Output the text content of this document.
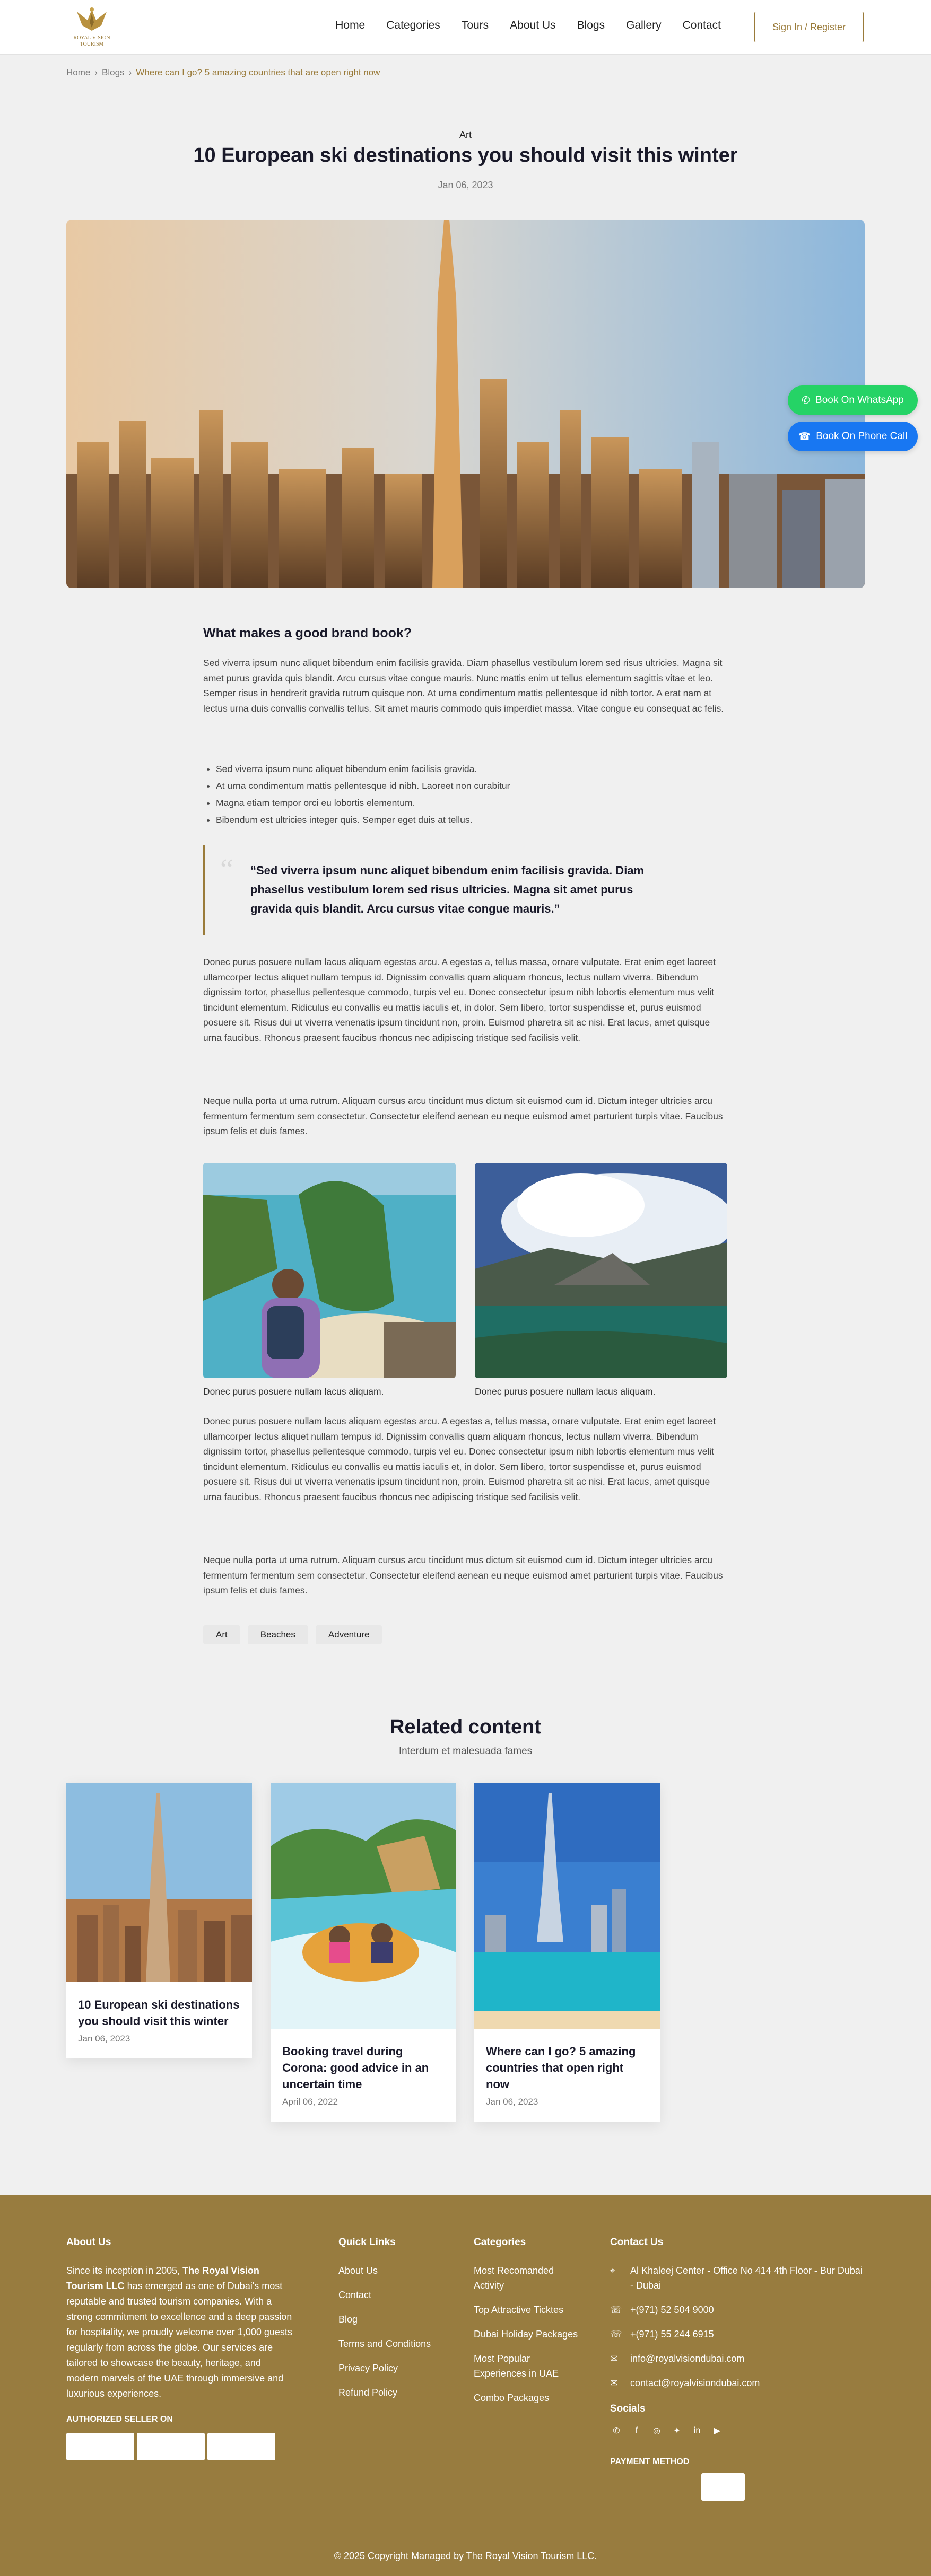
ROYAL VISION TOURISM
Home Categories Tours About Us Blogs Gallery Contact	Sign In / Register
Home › Blogs › Where can I go? 5 amazing countries that are open right now
Art
10 European ski destinations you should visit this winter
Jan 06, 2023
✆ Book On WhatsApp
☎ Book On Phone Call
What makes a good brand book?
Sed viverra ipsum nunc aliquet bibendum enim facilisis gravida. Diam phasellus vestibulum lorem sed risus ultricies. Magna sit amet purus gravida quis blandit. Arcu cursus vitae congue mauris. Nunc mattis enim ut tellus elementum sagittis vitae et leo. Semper risus in hendrerit gravida rutrum quisque non. At urna condimentum mattis pellentesque id nibh tortor. A erat nam at lectus urna duis convallis convallis tellus. Sit amet mauris commodo quis imperdiet massa. Vitae congue eu consequat ac felis.
• Sed viverra ipsum nunc aliquet bibendum enim facilisis gravida.
• At urna condimentum mattis pellentesque id nibh. Laoreet non curabitur
• Magna etiam tempor orci eu lobortis elementum.
• Bibendum est ultricies integer quis. Semper eget duis at tellus.
“ “Sed viverra ipsum nunc aliquet bibendum enim facilisis gravida. Diam phasellus vestibulum lorem sed risus ultricies. Magna sit amet purus gravida quis blandit. Arcu cursus vitae congue mauris.”
Donec purus posuere nullam lacus aliquam egestas arcu. A egestas a, tellus massa, ornare vulputate. Erat enim eget laoreet ullamcorper lectus aliquet nullam tempus id. Dignissim convallis quam aliquam rhoncus, lectus nullam viverra. Bibendum dignissim tortor, phasellus pellentesque commodo, turpis vel eu. Donec consectetur ipsum nibh lobortis elementum mus velit tincidunt elementum. Ridiculus eu convallis eu mattis iaculis et, in dolor. Sem libero, tortor suspendisse et, purus euismod posuere sit. Risus dui ut viverra venenatis ipsum tincidunt non, proin. Euismod pharetra sit ac nisi. Erat lacus, amet quisque urna faucibus. Rhoncus praesent faucibus rhoncus nec adipiscing tristique sed facilisis velit.
Neque nulla porta ut urna rutrum. Aliquam cursus arcu tincidunt mus dictum sit euismod cum id. Dictum integer ultricies arcu fermentum fermentum sem consectetur. Consectetur eleifend aenean eu neque euismod amet parturient turpis vitae. Faucibus ipsum felis et duis fames.
Donec purus posuere nullam lacus aliquam.	Donec purus posuere nullam lacus aliquam.
Donec purus posuere nullam lacus aliquam egestas arcu. A egestas a, tellus massa, ornare vulputate. Erat enim eget laoreet ullamcorper lectus aliquet nullam tempus id. Dignissim convallis quam aliquam rhoncus, lectus nullam viverra. Bibendum dignissim tortor, phasellus pellentesque commodo, turpis vel eu. Donec consectetur ipsum nibh lobortis elementum mus velit tincidunt elementum. Ridiculus eu convallis eu mattis iaculis et, in dolor. Sem libero, tortor suspendisse et, purus euismod posuere sit. Risus dui ut viverra venenatis ipsum tincidunt non, proin. Euismod pharetra sit ac nisi. Erat lacus, amet quisque urna faucibus. Rhoncus praesent faucibus rhoncus nec adipiscing tristique sed facilisis velit.
Neque nulla porta ut urna rutrum. Aliquam cursus arcu tincidunt mus dictum sit euismod cum id. Dictum integer ultricies arcu fermentum fermentum sem consectetur. Consectetur eleifend aenean eu neque euismod amet parturient turpis vitae. Faucibus ipsum felis et duis fames.
Art	Beaches	Adventure
Related content
Interdum et malesuada fames
10 European ski destinations you should visit this winter
Jan 06, 2023
Booking travel during Corona: good advice in an uncertain time
April 06, 2022
Where can I go? 5 amazing countries that open right now
Jan 06, 2023
About Us
Since its inception in 2005, The Royal Vision Tourism LLC has emerged as one of Dubai's most reputable and trusted tourism companies. With a strong commitment to excellence and a deep passion for hospitality, we proudly welcome over 1,000 guests regularly from across the globe. Our services are tailored to showcase the beauty, heritage, and modern marvels of the UAE through immersive and luxurious experiences.
AUTHORIZED SELLER ON
Quick Links
About Us
Contact
Blog
Terms and Conditions
Privacy Policy
Refund Policy
Categories
Most Recomanded Activity
Top Attractive Ticktes
Dubai Holiday Packages
Most Popular Experiences in UAE
Combo Packages
Contact Us
⌖	Al Khaleej Center - Office No 414 4th Floor - Bur Dubai - Dubai
☏ +(971) 52 504 9000
☏ +(971) 55 244 6915
✉	info@royalvisiondubai.com
✉	contact@royalvisiondubai.com
Socials
✆	f	◎	✦	in	▶
PAYMENT METHOD
© 2025 Copyright Managed by The Royal Vision Tourism LLC.
